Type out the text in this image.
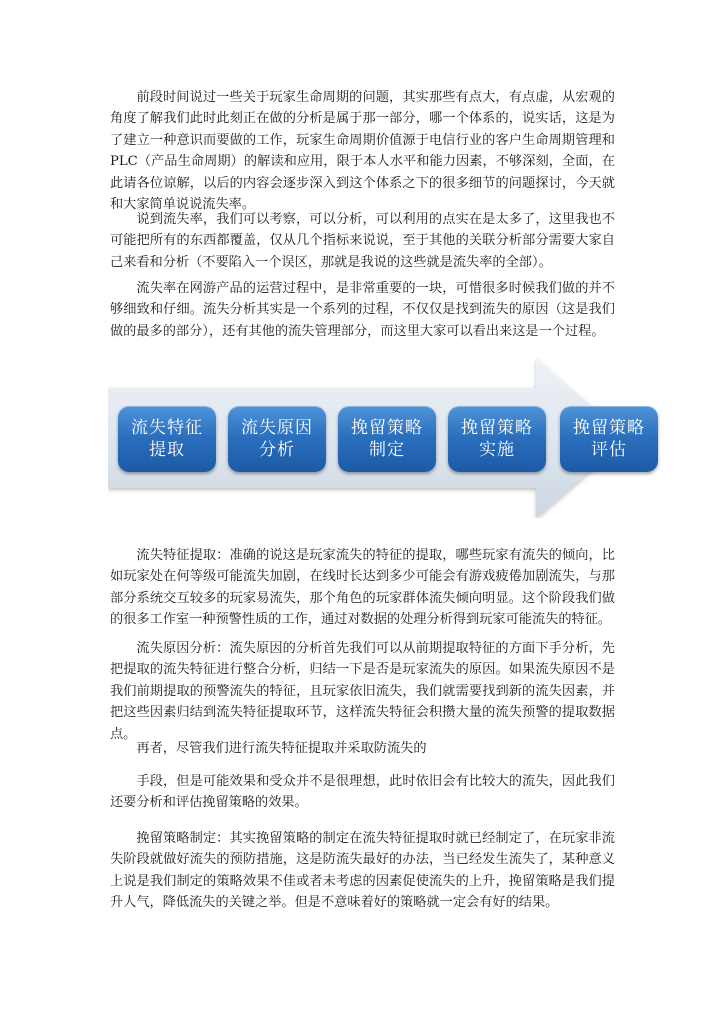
前段时间说过一些关于玩家生命周期的问题，其实那些有点大，有点虚，从宏观的角度了解我们此时此刻正在做的分析是属于那一部分，哪一个体系的，说实话，这是为了建立一种意识而要做的工作，玩家生命周期价值源于电信行业的客户生命周期管理和 PLC（产品生命周期）的解读和应用，限于本人水平和能力因素，不够深刻，全面，在此请各位谅解，以后的内容会逐步深入到这个体系之下的很多细节的问题探讨，今天就和大家简单说说流失率。

说到流失率，我们可以考察，可以分析，可以利用的点实在是太多了，这里我也不可能把所有的东西都覆盖，仅从几个指标来说说，至于其他的关联分析部分需要大家自己来看和分析（不要陷入一个误区，那就是我说的这些就是流失率的全部）。

流失率在网游产品的运营过程中，是非常重要的一块，可惜很多时候我们做的并不够细致和仔细。流失分析其实是一个系列的过程，不仅仅是找到流失的原因（这是我们做的最多的部分），还有其他的流失管理部分，而这里大家可以看出来这是一个过程。

流失特征
提取
流失原因
分析
挽留策略
制定
挽留策略
实施
挽留策略
评估

流失特征提取：准确的说这是玩家流失的特征的提取，哪些玩家有流失的倾向，比如玩家处在何等级可能流失加剧，在线时长达到多少可能会有游戏疲倦加剧流失，与那部分系统交互较多的玩家易流失，那个角色的玩家群体流失倾向明显。这个阶段我们做的很多工作室一种预警性质的工作，通过对数据的处理分析得到玩家可能流失的特征。

流失原因分析：流失原因的分析首先我们可以从前期提取特征的方面下手分析，先把提取的流失特征进行整合分析，归结一下是否是玩家流失的原因。如果流失原因不是我们前期提取的预警流失的特征，且玩家依旧流失，我们就需要找到新的流失因素，并把这些因素归结到流失特征提取环节，这样流失特征会积攒大量的流失预警的提取数据点。

再者，尽管我们进行流失特征提取并采取防流失的

手段，但是可能效果和受众并不是很理想，此时依旧会有比较大的流失，因此我们还要分析和评估挽留策略的效果。

挽留策略制定：其实挽留策略的制定在流失特征提取时就已经制定了，在玩家非流失阶段就做好流失的预防措施，这是防流失最好的办法，当已经发生流失了，某种意义上说是我们制定的策略效果不佳或者未考虑的因素促使流失的上升，挽留策略是我们提升人气，降低流失的关键之举。但是不意味着好的策略就一定会有好的结果。
